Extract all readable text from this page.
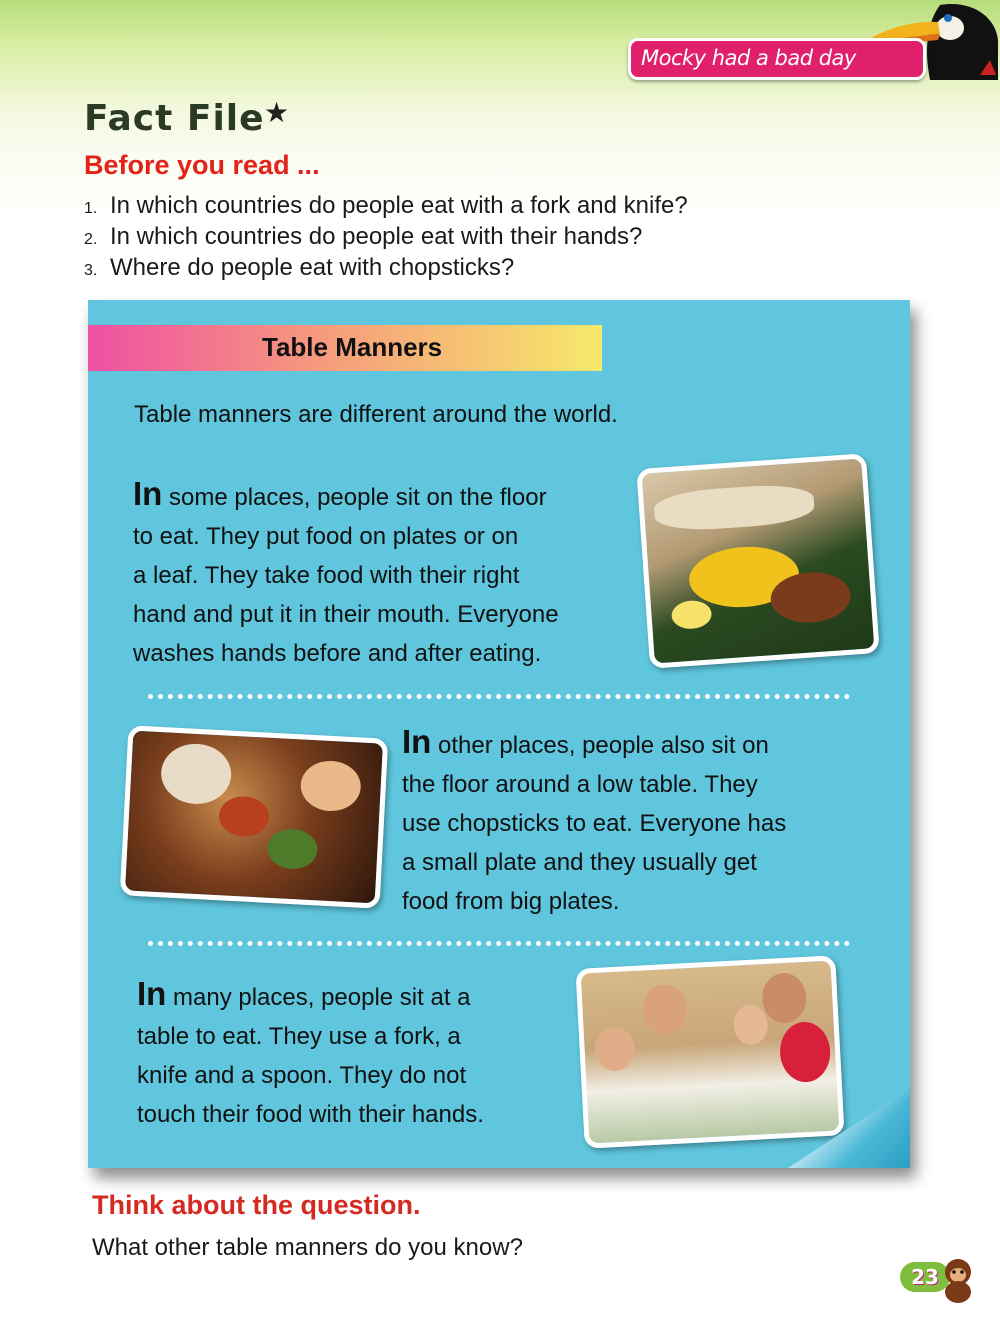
Mocky had a bad day
Fact File ★
Before you read ...
1. In which countries do people eat with a fork and knife?
2. In which countries do people eat with their hands?
3. Where do people eat with chopsticks?
Table Manners
Table manners are different around the world.
In some places, people sit on the floor
to eat. They put food on plates or on
a leaf. They take food with their right
hand and put it in their mouth. Everyone
washes hands before and after eating.
In other places, people also sit on
the floor around a low table. They
use chopsticks to eat. Everyone has
a small plate and they usually get
food from big plates.
In many places, people sit at a
table to eat. They use a fork, a
knife and a spoon. They do not
touch their food with their hands.
Think about the question.
What other table manners do you know?
23
